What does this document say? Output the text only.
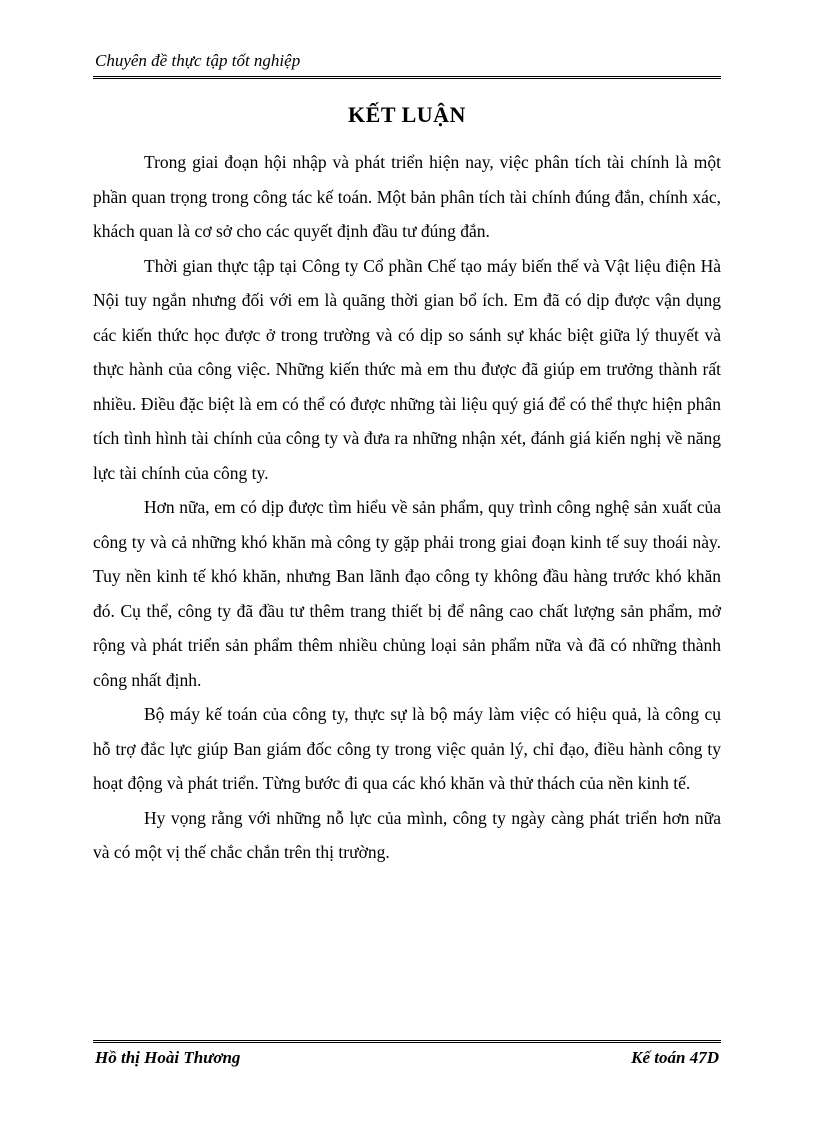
Chuyên đề thực tập tốt nghiệp
KẾT LUẬN

Trong giai đoạn hội nhập và phát triển hiện nay, việc phân tích tài chính là một phần quan trọng trong công tác kế toán. Một bản phân tích tài chính đúng đắn, chính xác, khách quan là cơ sở cho các quyết định đầu tư đúng đắn.

Thời gian thực tập tại Công ty Cổ phần Chế tạo máy biến thế và Vật liệu điện Hà Nội tuy ngắn nhưng đối với em là quãng thời gian bổ ích. Em đã có dịp được vận dụng các kiến thức học được ở trong trường và có dịp so sánh sự khác biệt giữa lý thuyết và thực hành của công việc. Những kiến thức mà em thu được đã giúp em trưởng thành rất nhiều. Điều đặc biệt là em có thể có được những tài liệu quý giá để có thể thực hiện phân tích tình hình tài chính của công ty và đưa ra những nhận xét, đánh giá kiến nghị về năng lực tài chính của công ty.

Hơn nữa, em có dịp được tìm hiểu về sản phẩm, quy trình công nghệ sản xuất của công ty và cả những khó khăn mà công ty gặp phải trong giai đoạn kinh tế suy thoái này. Tuy nền kinh tế khó khăn, nhưng Ban lãnh đạo công ty không đầu hàng trước khó khăn đó. Cụ thể, công ty đã đầu tư thêm trang thiết bị để nâng cao chất lượng sản phẩm, mở rộng và phát triển sản phẩm thêm nhiều chủng loại sản phẩm nữa và đã có những thành công nhất định.

Bộ máy kế toán của công ty, thực sự là bộ máy làm việc có hiệu quả, là công cụ hỗ trợ đắc lực giúp Ban giám đốc công ty trong việc quản lý, chỉ đạo, điều hành công ty hoạt động và phát triển. Từng bước đi qua các khó khăn và thử thách của nền kinh tế.

Hy vọng rằng với những nỗ lực của mình, công ty ngày càng phát triển hơn nữa và có một vị thế chắc chắn trên thị trường.

Hồ thị Hoài Thương	Kế toán 47D
